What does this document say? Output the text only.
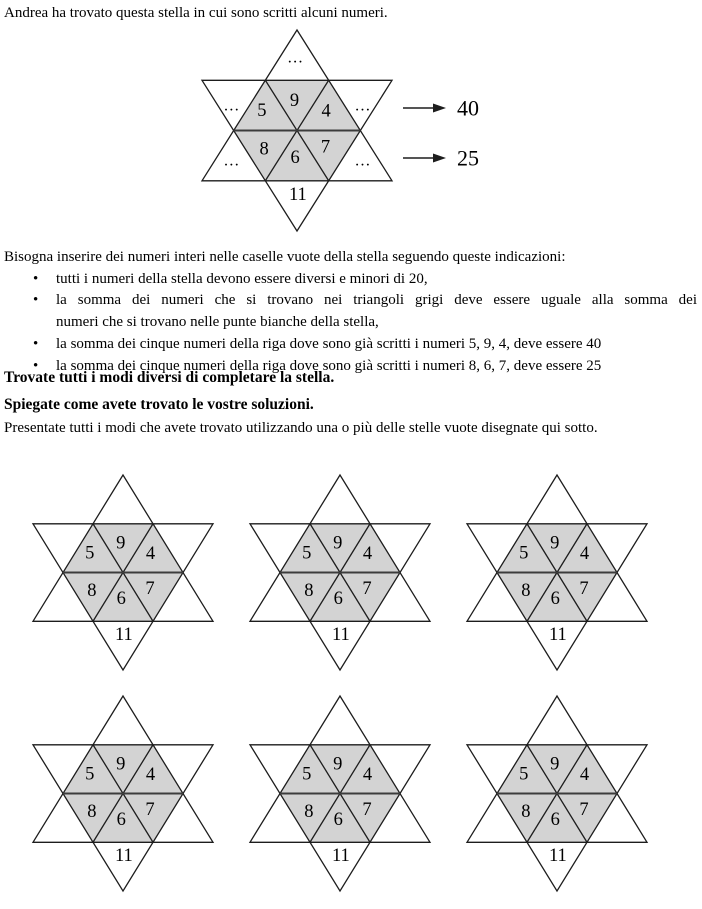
Andrea ha trovato questa stella in cui sono scritti alcuni numeri.

Bisogna inserire dei numeri interi nelle caselle vuote della stella seguendo queste indicazioni:

• tutti i numeri della stella devono essere diversi e minori di 20,
• la somma dei numeri che si trovano nei triangoli grigi deve essere uguale alla somma dei
numeri che si trovano nelle punte bianche della stella,
• la somma dei cinque numeri della riga dove sono già scritti i numeri 5, 9, 4, deve essere 40
• la somma dei cinque numeri della riga dove sono già scritti i numeri 8, 6, 7, deve essere 25

Trovate tutti i modi diversi di completare la stella.

Spiegate come avete trovato le vostre soluzioni.

Presentate tutti i modi che avete trovato utilizzando una o più delle stelle vuote disegnate qui sotto.

5 9
4
8 6
7
…
…	…
…	…
11
40
25
5 9
4
8 6
7
11
5 9
4
8 6
7
11
5 9
4
8 6
7
11
5 9
4
8 6
7
11
5 9
4
8 6
7
11
5 9
4
8 6
7
11
